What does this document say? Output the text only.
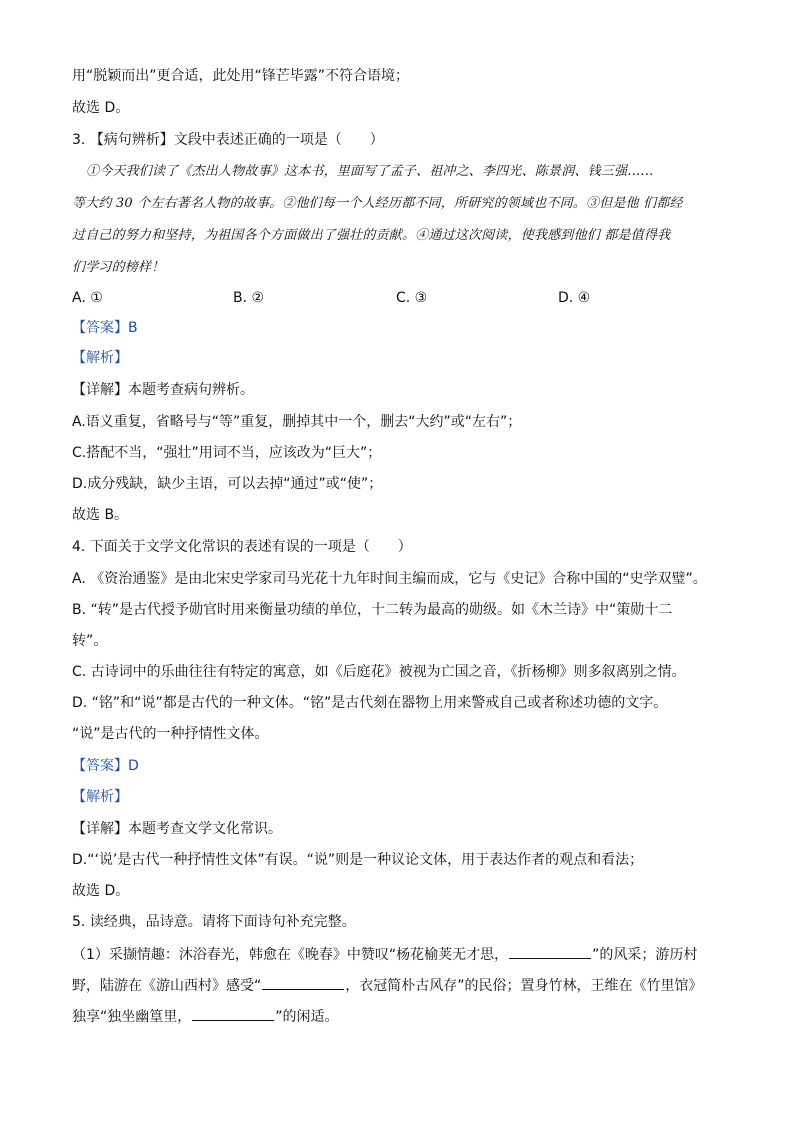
用“脱颖而出”更合适，此处用“锋芒毕露”不符合语境；
故选 D。
3. 【病句辨析】文段中表述正确的一项是（　　）
①今天我们读了《杰出人物故事》这本书，里面写了孟子、祖冲之、李四光、陈景润、钱三强……
等大约 30 个左右著名人物的故事。②他们每一个人经历都不同，所研究的领域也不同。③但是他 们都经
过自己的努力和坚持，为祖国各个方面做出了强壮的贡献。④通过这次阅读，使我感到他们 都是值得我
们学习的榜样！
A. ①	B. ②	C. ③	D. ④
【答案】B
【解析】
【详解】本题考查病句辨析。
A.语义重复，省略号与“等”重复，删掉其中一个，删去“大约”或“左右”；
C.搭配不当，“强壮”用词不当，应该改为“巨大”；
D.成分残缺，缺少主语，可以去掉“通过”或“使”；
故选 B。
4. 下面关于文学文化常识的表述有误的一项是（　　）
A. 《资治通鉴》是由北宋史学家司马光花十九年时间主编而成，它与《史记》合称中国的“史学双璧”。
B. “转”是古代授予勋官时用来衡量功绩的单位，十二转为最高的勋级。如《木兰诗》中“策勋十二
转”。
C. 古诗词中的乐曲往往有特定的寓意，如《后庭花》被视为亡国之音，《折杨柳》则多叙离别之情。
D. “铭”和“说”都是古代的一种文体。“铭”是古代刻在器物上用来警戒自己或者称述功德的文字。
“说”是古代的一种抒情性文体。
【答案】D
【解析】
【详解】本题考查文学文化常识。
D.“‘说’是古代一种抒情性文体”有误。“说”则是一种议论文体，用于表达作者的观点和看法；
故选 D。
5. 读经典，品诗意。请将下面诗句补充完整。
（1）采撷情趣：沐浴春光，韩愈在《晚春》中赞叹“杨花榆荚无才思，	”的风采；游历村
野，陆游在《游山西村》感受“	，衣冠简朴古风存”的民俗；置身竹林，王维在《竹里馆》
独享“独坐幽篁里，	”的闲适。
